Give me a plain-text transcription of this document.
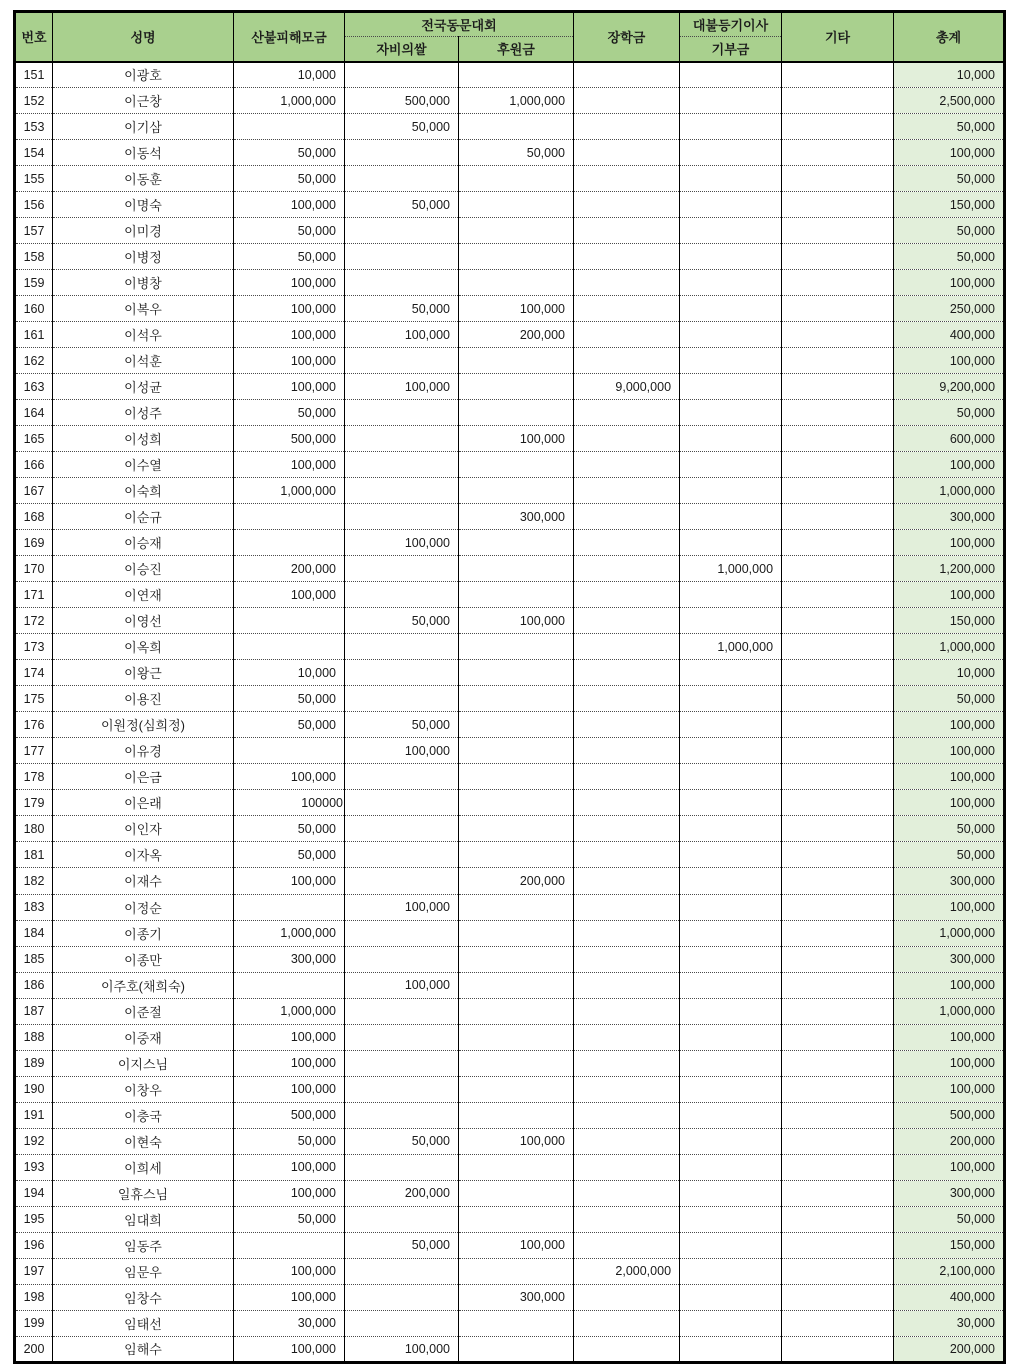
번호	성명	산불피해모금	전국동문대회		장학금	대불등기이사	기타	총계
			자비의쌀	후원금		기부금		
151	이광호	10,000						10,000
152	이근창	1,000,000	500,000	1,000,000				2,500,000
153	이기삼		50,000					50,000
154	이동석	50,000		50,000				100,000
155	이동훈	50,000						50,000
156	이명숙	100,000	50,000					150,000
157	이미경	50,000						50,000
158	이병정	50,000						50,000
159	이병창	100,000						100,000
160	이복우	100,000	50,000	100,000				250,000
161	이석우	100,000	100,000	200,000				400,000
162	이석훈	100,000						100,000
163	이성균	100,000	100,000		9,000,000			9,200,000
164	이성주	50,000						50,000
165	이성희	500,000		100,000				600,000
166	이수열	100,000						100,000
167	이숙희	1,000,000						1,000,000
168	이순규			300,000				300,000
169	이승재		100,000					100,000
170	이승진	200,000				1,000,000		1,200,000
171	이연재	100,000						100,000
172	이영선		50,000	100,000				150,000
173	이옥희					1,000,000		1,000,000
174	이왕근	10,000						10,000
175	이용진	50,000						50,000
176	이원정(심희정)	50,000	50,000					100,000
177	이유경		100,000					100,000
178	이은금	100,000						100,000
179	이은래	100000						100,000
180	이인자	50,000						50,000
181	이자옥	50,000						50,000
182	이재수	100,000		200,000				300,000
183	이정순		100,000					100,000
184	이종기	1,000,000						1,000,000
185	이종만	300,000						300,000
186	이주호(채희숙)		100,000					100,000
187	이준절	1,000,000						1,000,000
188	이중재	100,000						100,000
189	이지스님	100,000						100,000
190	이창우	100,000						100,000
191	이충국	500,000						500,000
192	이현숙	50,000	50,000	100,000				200,000
193	이희세	100,000						100,000
194	일휴스님	100,000	200,000					300,000
195	임대희	50,000						50,000
196	임동주		50,000	100,000				150,000
197	임문우	100,000			2,000,000			2,100,000
198	임창수	100,000		300,000				400,000
199	임태선	30,000						30,000
200	임해수	100,000	100,000					200,000
